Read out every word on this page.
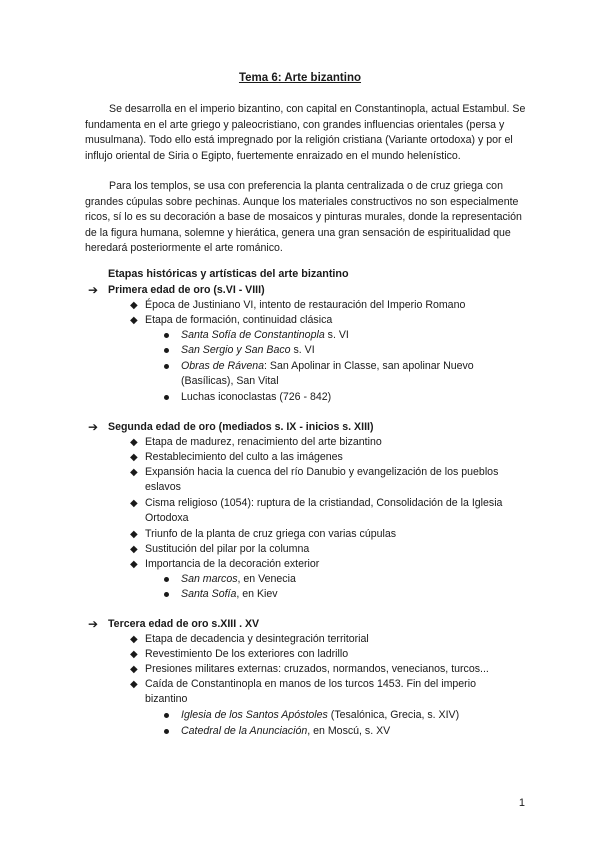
Tema 6: Arte bizantino

Se desarrolla en el imperio bizantino, con capital en Constantinopla, actual Estambul. Se fundamenta en el arte griego y paleocristiano, con grandes influencias orientales (persa y musulmana). Todo ello está impregnado por la religión cristiana (Variante ortodoxa) y por el influjo oriental de Siria o Egipto, fuertemente enraizado en el mundo helenístico.

Para los templos, se usa con preferencia la planta centralizada o de cruz griega con grandes cúpulas sobre pechinas. Aunque los materiales constructivos no son especialmente ricos, sí lo es su decoración a base de mosaicos y pinturas murales, donde la representación de la figura humana, solemne y hierática, genera una gran sensación de espiritualidad que heredará posteriormente el arte románico.

Etapas históricas y artísticas del arte bizantino
➔ Primera edad de oro (s.VI - VIII)
◆ Época de Justiniano VI, intento de restauración del Imperio Romano
◆ Etapa de formación, continuidad clásica
Santa Sofía de Constantinopla s. VI
San Sergio y San Baco s. VI
Obras de Rávena: San Apolinar in Classe, san apolinar Nuevo
(Basílicas), San Vital
Luchas iconoclastas (726 - 842)
➔ Segunda edad de oro (mediados s. IX - inicios s. XIII)
◆ Etapa de madurez, renacimiento del arte bizantino
◆ Restablecimiento del culto a las imágenes
◆ Expansión hacia la cuenca del río Danubio y evangelización de los pueblos
eslavos
◆ Cisma religioso (1054): ruptura de la cristiandad, Consolidación de la Iglesia
Ortodoxa
◆ Triunfo de la planta de cruz griega con varias cúpulas
◆ Sustitución del pilar por la columna
◆ Importancia de la decoración exterior
San marcos, en Venecia
Santa Sofía, en Kiev
➔ Tercera edad de oro s.XIII . XV
◆ Etapa de decadencia y desintegración territorial
◆ Revestimiento De los exteriores con ladrillo
◆ Presiones militares externas: cruzados, normandos, venecianos, turcos...
◆ Caída de Constantinopla en manos de los turcos 1453. Fin del imperio
bizantino
Iglesia de los Santos Apóstoles (Tesalónica, Grecia, s. XIV)
Catedral de la Anunciación, en Moscú, s. XV
1
